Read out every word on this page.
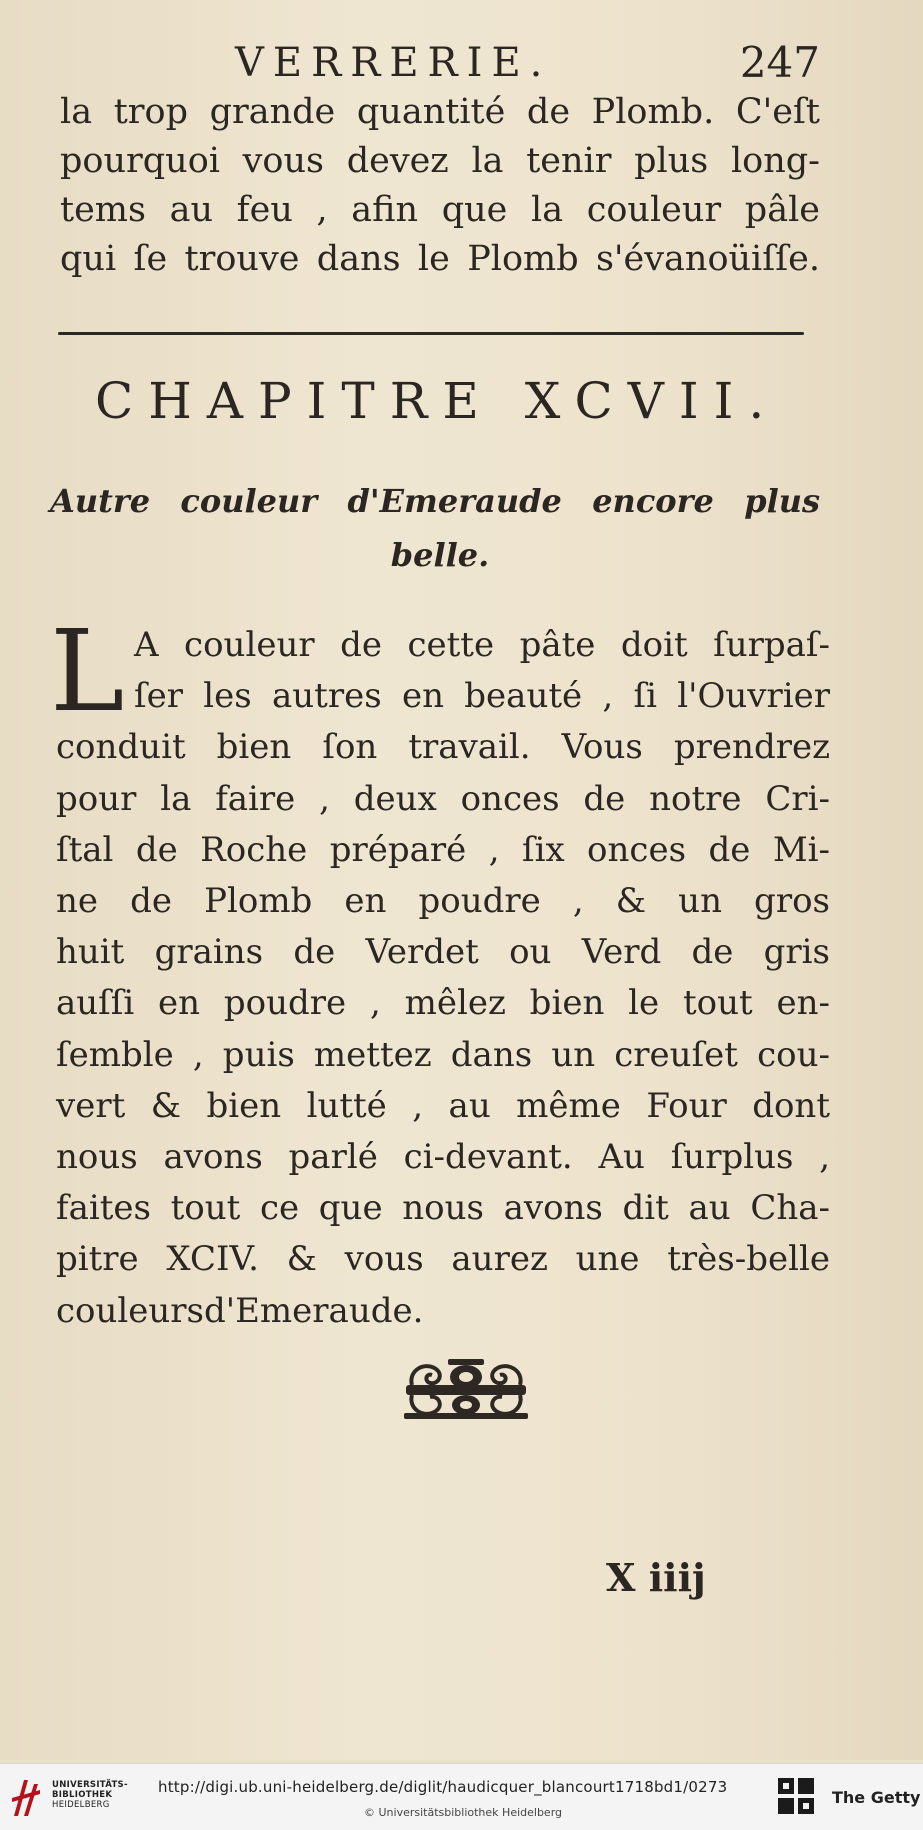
VERRERIE.	247
la trop grande quantité de Plomb. C'eſt
pourquoi vous devez la tenir plus long-
tems au feu , afin que la couleur pâle
qui ſe trouve dans le Plomb s'évanoüiſſe.
CHAPITRE XCVII.
Autre couleur d'Emeraude encore plus
belle.
L A couleur de cette pâte doit ſurpaſ-
ſer les autres en beauté , ſi l'Ouvrier
conduit bien ſon travail. Vous prendrez
pour la faire , deux onces de notre Cri-
ſtal de Roche préparé , ſix onces de Mi-
ne de Plomb en poudre , & un gros
huit grains de Verdet ou Verd de gris
auſſi en poudre , mêlez bien le tout en-
ſemble , puis mettez dans un creuſet cou-
vert & bien lutté , au même Four dont
nous avons parlé ci-devant. Au ſurplus ,
faites tout ce que nous avons dit au Cha-
pitre XCIV. & vous aurez une très-belle
couleursd'Emeraude.
X iiij
UNIVERSITÄTS-
BIBLIOTHEK
HEIDELBERG
http://digi.ub.uni-heidelberg.de/diglit/haudicquer_blancourt1718bd1/0273
© Universitätsbibliothek Heidelberg
The Getty
